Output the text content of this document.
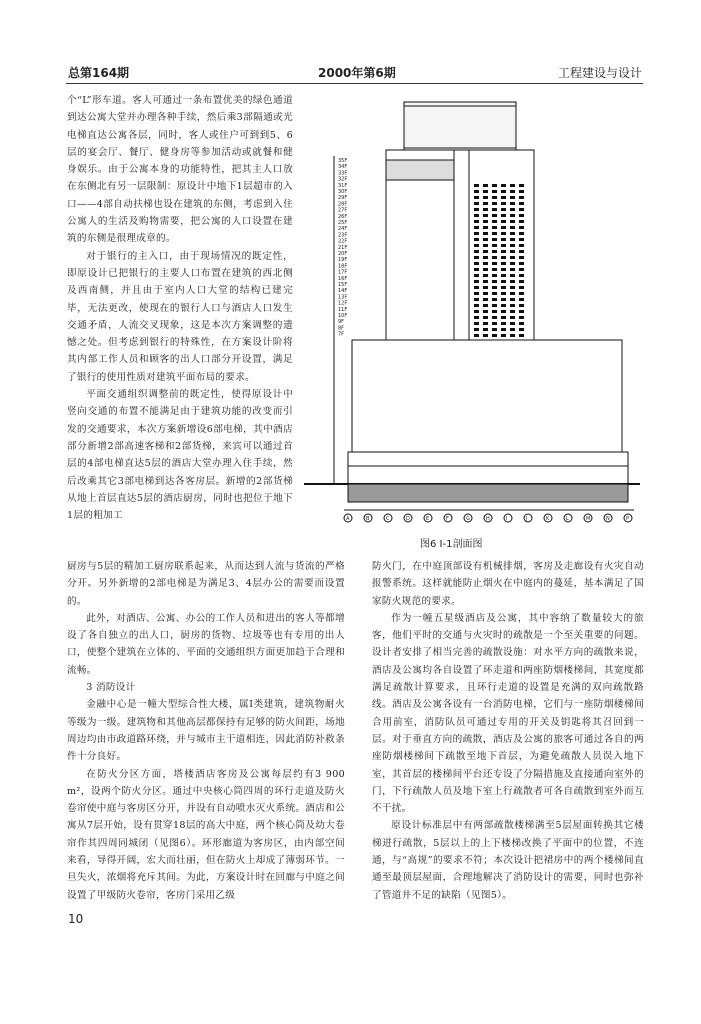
总第164期	2000年第6期	工程建设与设计

个“L”形车道。客人可通过一条布置优美的绿色通道到达公寓大堂并办理各种手续，然后乘3部隔通或光电梯直达公寓各层，同时，客人或住户可到到5、6层的宴会厅、餐厅、健身房等参加活动或就餐和健身娱乐。由于公寓本身的功能特性，把其主人口放在东侧北有另一层限制：原设计中地下1层超市的入口——4部自动扶梯也设在建筑的东侧，考虑到入住公寓人的生活及购物需要，把公寓的人口设置在建筑的东侧是很理成章的。

对于银行的主入口，由于现场情况的既定性，即原设计已把银行的主要人口布置在建筑的西北侧及西南侧，并且由于室内人口大堂的结构已建完毕，无法更改，使现在的银行人口与酒店人口发生交通矛盾，人流交叉现象，这是本次方案调整的遗憾之处。但考虑到银行的特殊性，在方案设计阶将其内部工作人员和顾客的出人口部分开设置，满足了银行的使用性质对建筑平面布局的要求。

平面交通组织调整前的既定性，使得原设计中竖向交通的布置不能满足由于建筑功能的改变而引发的交通要求，本次方案新增设6部电梯，其中酒店部分新增2部高速客梯和2部货梯，来宾可以通过首层的4部电梯直达5层的酒店大堂办理入住手续，然后改乘其它3部电梯到达各客房层。新增的2部货梯从地上首层直达5层的酒店厨房，同时也把位于地下1层的粗加工

35F
34F
33F
32F
31F
30F
29F
28F
27F
26F
25F
24F
23F
22F
21F
20F
19F
18F
17F
16F
15F
14F
13F
12F
11F
10F
9F
8F
7F
A	B	C	D	E	F	G	H	I	J	K	L	M	N	P
图6 Ⅰ-1剖面图

厨房与5层的精加工厨房联系起来，从而达到人流与货流的严格分开。另外新增的2部电梯是为满足3、4层办公的需要而设置的。

此外，对酒店、公寓、办公的工作人员和进出的客人等都增设了各自独立的出人口，厨房的货物、垃圾等也有专用的出人口，使整个建筑在立体的、平面的交通组织方面更加趋于合理和流畅。

3 消防设计

金融中心是一幢大型综合性大楼，属Ⅰ类建筑，建筑物耐火等级为一级。建筑物和其他高层都保持有足够的防火间距，场地周边均由市政道路环绕，并与城市主干道相连，因此消防补救条件十分良好。

在防火分区方面，塔楼酒店客房及公寓每层约有3 900 m²，设两个防火分区。通过中央核心筒四周的环行走道及防火卷帘使中庭与客房区分开，并设有自动喷水灭火系统。酒店和公寓从7层开始，设有贯穿18层的高大中庭，两个核心筒及幼大卷帘作其四周同城闭（见图6）。环形廊道为客房区，由内部空间来看，导得开阔，宏大而壮丽，但在防火上却成了薄弱环节。一旦失火，浓烟将充斥其间。为此，方案设计时在回廊与中庭之间设置了甲级防火卷帘，客房门采用乙级

防火门，在中庭顶部设有机械排烟，客房及走廊设有火灾自动报警系统。这样就能防止烟火在中庭内的蔓延，基本满足了国家防火规范的要求。

作为一幢五星级酒店及公寓，其中容纳了数量较大的旅客，他们平时的交通与火灾时的疏散是一个至关重要的问题。设计者安排了相当完善的疏散设施：对水平方向的疏散来说，酒店及公寓均各自设置了环走道和两座防烟楼梯间，其宽度都满足疏散计算要求，且环行走道的设置是充满的双向疏散路线。酒店及公寓各设有一台消防电梯，它们与一座防烟楼梯间合用前室，消防队员可通过专用的开关及钥匙将其召回到一层。对于垂直方向的疏散，酒店及公寓的旅客可通过各自的两座防烟楼梯间下疏散至地下首层，为避免疏散人员误入地下室，其首层的楼梯间平台还专设了分隔措施及直接通向室外的门，下行疏散人员及地下室上行疏散者可各自疏散到室外而互不干扰。

原设计标准层中有两部疏散楼梯满至5层屋面转换其它楼梯进行疏散，5层以上的上下楼梯改换了平面中的位置，不连通，与“高规”的要求不符；本次设计把裙房中的两个楼梯间直通至最顶层屋面，合理地解决了消防设计的需要，同时也弥补了管道井不足的缺陷（见图5）。

10
